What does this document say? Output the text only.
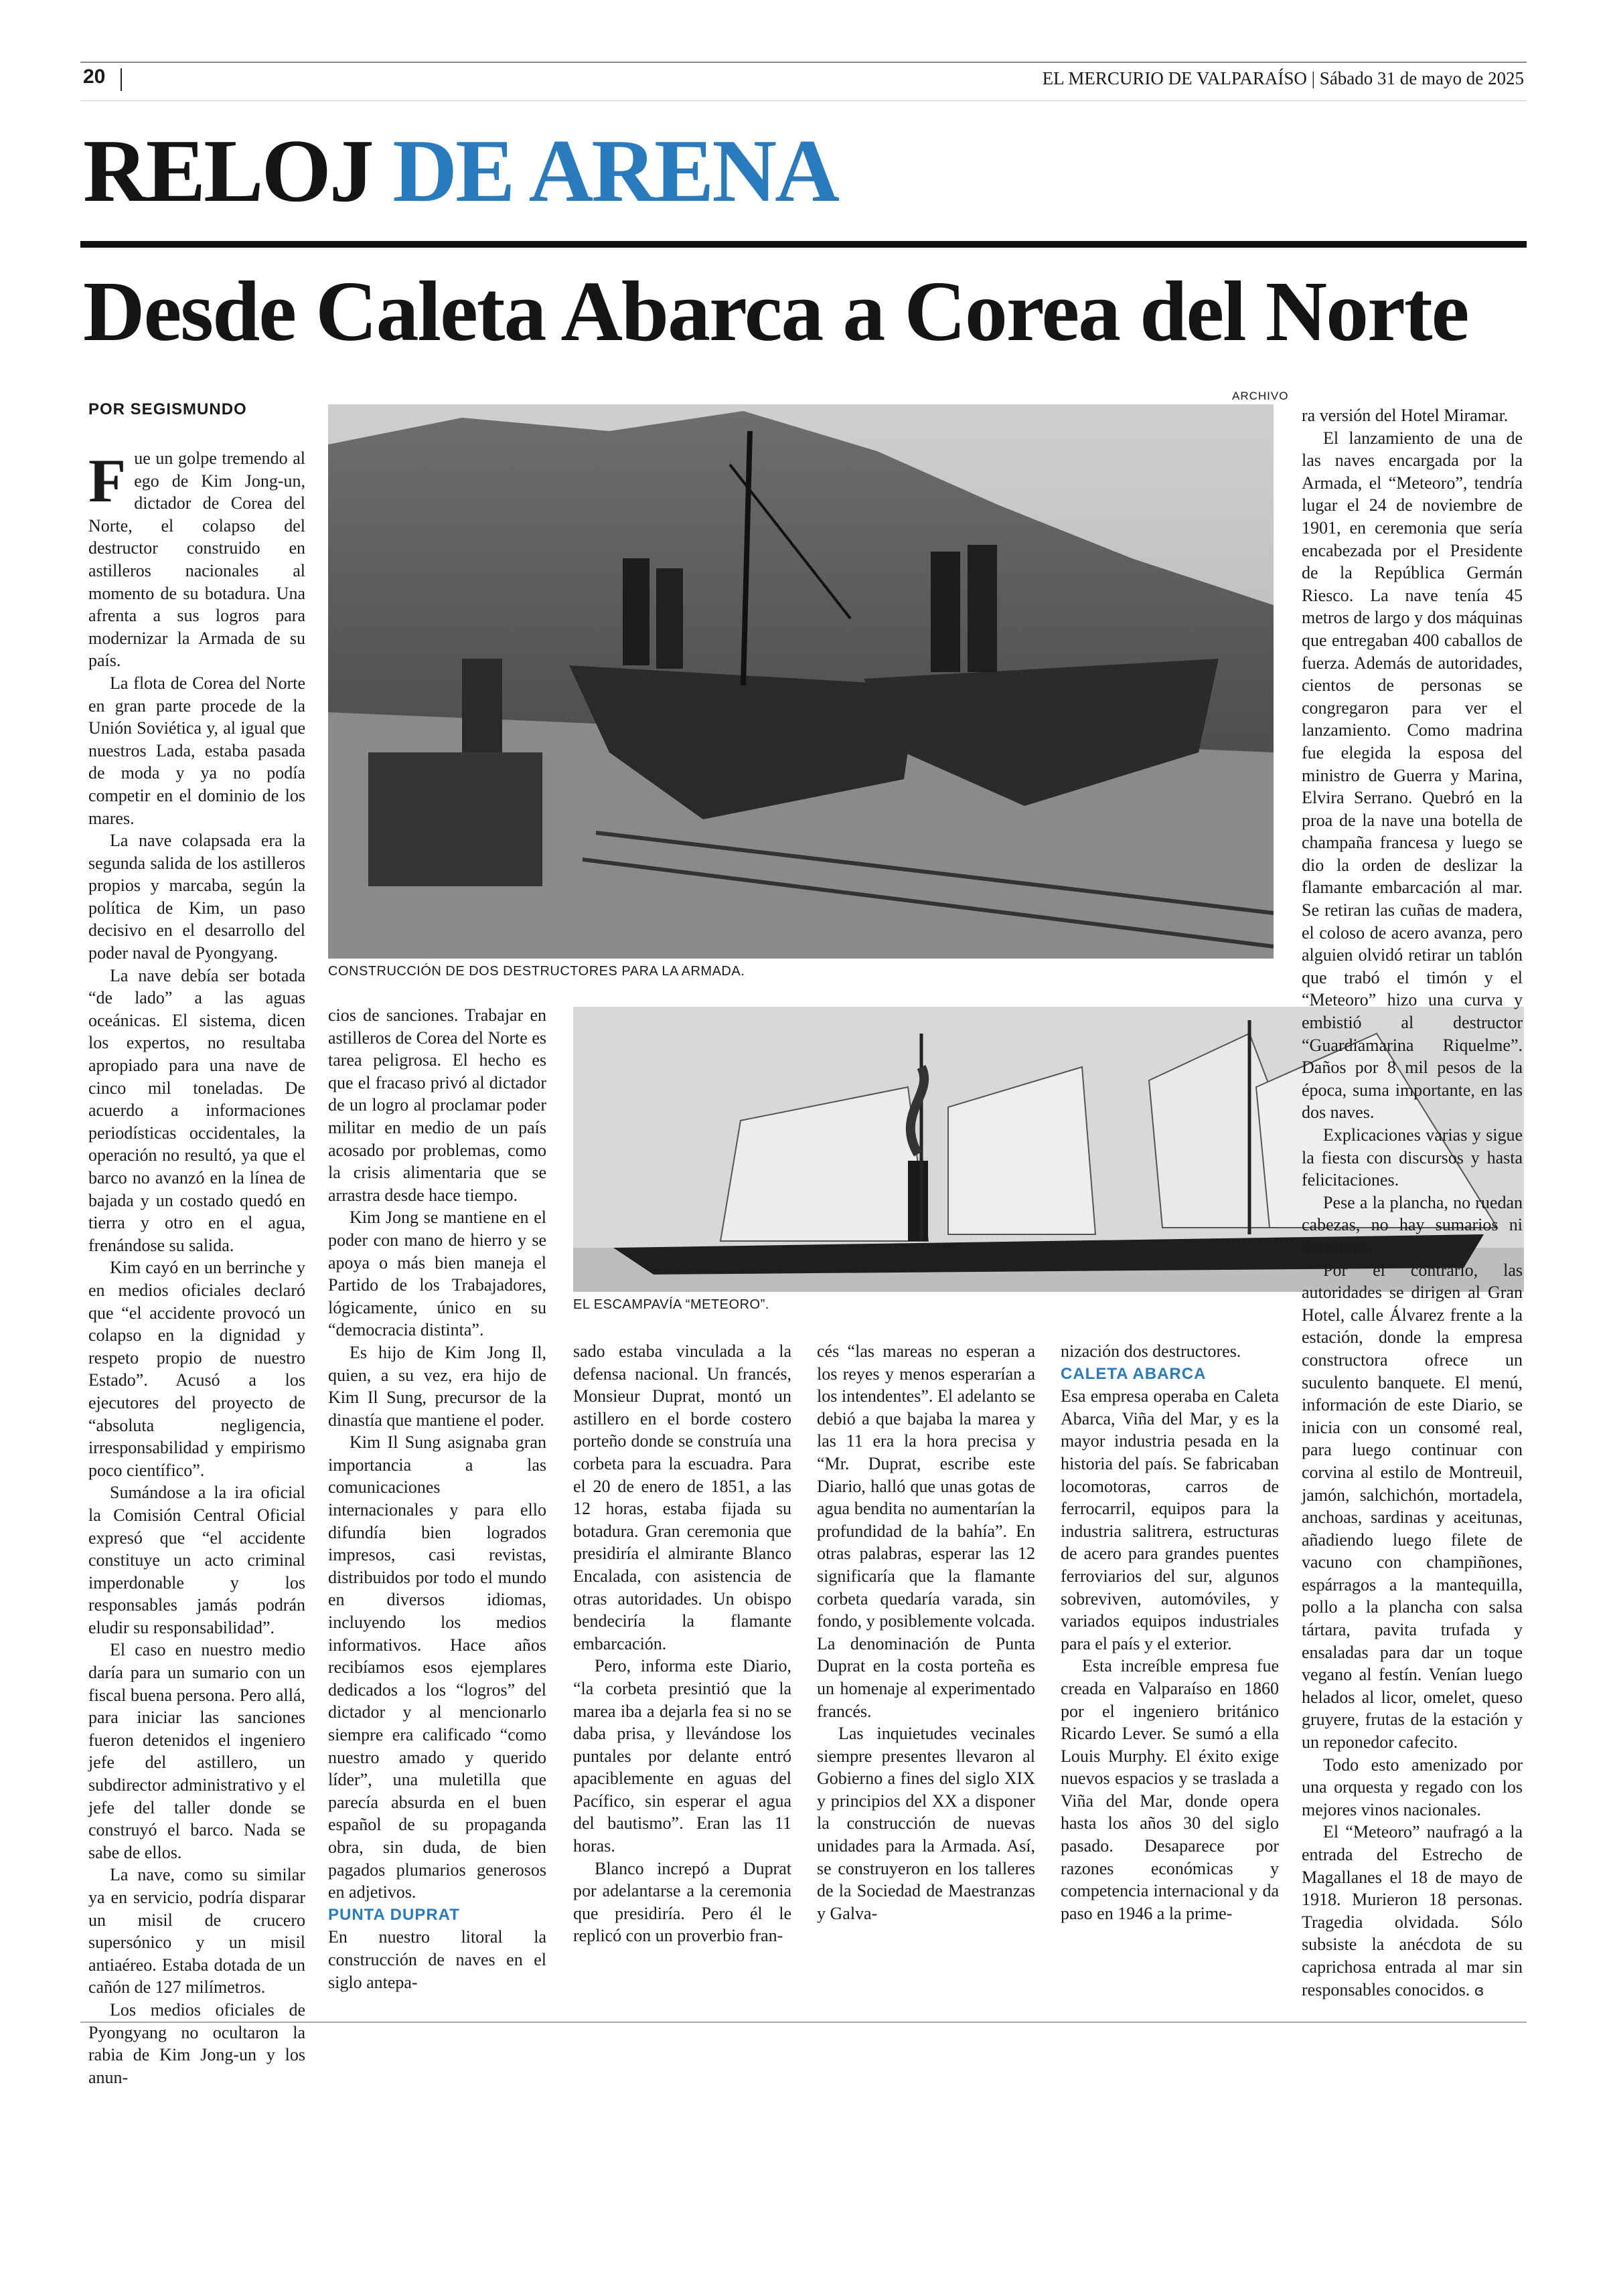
20	EL MERCURIO DE VALPARAÍSO | Sábado 31 de mayo de 2025
RELOJ DE ARENA
Desde Caleta Abarca a Corea del Norte
POR SEGISMUNDO
ARCHIVO
CONSTRUCCIÓN DE DOS DESTRUCTORES PARA LA ARMADA.
EL ESCAMPAVÍA “METEORO”.

Fue un golpe tremendo al ego de Kim Jong-un, dictador de Corea del Norte, el colapso del destructor construido en astilleros nacionales al momento de su botadura. Una afrenta a sus logros para modernizar la Armada de su país.

La flota de Corea del Norte en gran parte procede de la Unión Soviética y, al igual que nuestros Lada, estaba pasada de moda y ya no podía competir en el dominio de los mares.

La nave colapsada era la segunda salida de los astilleros propios y marcaba, según la política de Kim, un paso decisivo en el desarrollo del poder naval de Pyongyang.

La nave debía ser botada “de lado” a las aguas oceánicas. El sistema, dicen los expertos, no resultaba apropiado para una nave de cinco mil toneladas. De acuerdo a informaciones periodísticas occidentales, la operación no resultó, ya que el barco no avanzó en la línea de bajada y un costado quedó en tierra y otro en el agua, frenándose su salida.

Kim cayó en un berrinche y en medios oficiales declaró que “el accidente provocó un colapso en la dignidad y respeto propio de nuestro Estado”. Acusó a los ejecutores del proyecto de “absoluta negligencia, irresponsabilidad y empirismo poco científico”.

Sumándose a la ira oficial la Comisión Central Oficial expresó que “el accidente constituye un acto criminal imperdonable y los responsables jamás podrán eludir su responsabilidad”.

El caso en nuestro medio daría para un sumario con un fiscal buena persona. Pero allá, para iniciar las sanciones fueron detenidos el ingeniero jefe del astillero, un subdirector administrativo y el jefe del taller donde se construyó el barco. Nada se sabe de ellos.

La nave, como su similar ya en servicio, podría disparar un misil de crucero supersónico y un misil antiaéreo. Estaba dotada de un cañón de 127 milímetros.

Los medios oficiales de Pyongyang no ocultaron la rabia de Kim Jong-un y los anun-

cios de sanciones. Trabajar en astilleros de Corea del Norte es tarea peligrosa. El hecho es que el fracaso privó al dictador de un logro al proclamar poder militar en medio de un país acosado por problemas, como la crisis alimentaria que se arrastra desde hace tiempo.

Kim Jong se mantiene en el poder con mano de hierro y se apoya o más bien maneja el Partido de los Trabajadores, lógicamente, único en su “democracia distinta”.

Es hijo de Kim Jong Il, quien, a su vez, era hijo de Kim Il Sung, precursor de la dinastía que mantiene el poder.

Kim Il Sung asignaba gran importancia a las comunicaciones internacionales y para ello difundía bien logrados impresos, casi revistas, distribuidos por todo el mundo en diversos idiomas, incluyendo los medios informativos. Hace años recibíamos esos ejemplares dedicados a los “logros” del dictador y al mencionarlo siempre era calificado “como nuestro amado y querido líder”, una muletilla que parecía absurda en el buen español de su propaganda obra, sin duda, de bien pagados plumarios generosos en adjetivos.

PUNTA DUPRAT

En nuestro litoral la construcción de naves en el siglo antepa-

sado estaba vinculada a la defensa nacional. Un francés, Monsieur Duprat, montó un astillero en el borde costero porteño donde se construía una corbeta para la escuadra. Para el 20 de enero de 1851, a las 12 horas, estaba fijada su botadura. Gran ceremonia que presidiría el almirante Blanco Encalada, con asistencia de otras autoridades. Un obispo bendeciría la flamante embarcación.

Pero, informa este Diario, “la corbeta presintió que la marea iba a dejarla fea si no se daba prisa, y llevándose los puntales por delante entró apaciblemente en aguas del Pacífico, sin esperar el agua del bautismo”. Eran las 11 horas.

Blanco increpó a Duprat por adelantarse a la ceremonia que presidiría. Pero él le replicó con un proverbio fran-

cés “las mareas no esperan a los reyes y menos esperarían a los intendentes”. El adelanto se debió a que bajaba la marea y las 11 era la hora precisa y “Mr. Duprat, escribe este Diario, halló que unas gotas de agua bendita no aumentarían la profundidad de la bahía”. En otras palabras, esperar las 12 significaría que la flamante corbeta quedaría varada, sin fondo, y posiblemente volcada. La denominación de Punta Duprat en la costa porteña es un homenaje al experimentado francés.

Las inquietudes vecinales siempre presentes llevaron al Gobierno a fines del siglo XIX y principios del XX a disponer la construcción de nuevas unidades para la Armada. Así, se construyeron en los talleres de la Sociedad de Maestranzas y Galva-

nización dos destructores.

CALETA ABARCA

Esa empresa operaba en Caleta Abarca, Viña del Mar, y es la mayor industria pesada en la historia del país. Se fabricaban locomotoras, carros de ferrocarril, equipos para la industria salitrera, estructuras de acero para grandes puentes ferroviarios del sur, algunos sobreviven, automóviles, y variados equipos industriales para el país y el exterior.

Esta increíble empresa fue creada en Valparaíso en 1860 por el ingeniero británico Ricardo Lever. Se sumó a ella Louis Murphy. El éxito exige nuevos espacios y se traslada a Viña del Mar, donde opera hasta los años 30 del siglo pasado. Desaparece por razones económicas y competencia internacional y da paso en 1946 a la prime-

ra versión del Hotel Miramar.

El lanzamiento de una de las naves encargada por la Armada, el “Meteoro”, tendría lugar el 24 de noviembre de 1901, en ceremonia que sería encabezada por el Presidente de la República Germán Riesco. La nave tenía 45 metros de largo y dos máquinas que entregaban 400 caballos de fuerza. Además de autoridades, cientos de personas se congregaron para ver el lanzamiento. Como madrina fue elegida la esposa del ministro de Guerra y Marina, Elvira Serrano. Quebró en la proa de la nave una botella de champaña francesa y luego se dio la orden de deslizar la flamante embarcación al mar. Se retiran las cuñas de madera, el coloso de acero avanza, pero alguien olvidó retirar un tablón que trabó el timón y el “Meteoro” hizo una curva y embistió al destructor “Guardiamarina Riquelme”. Daños por 8 mil pesos de la época, suma importante, en las dos naves.

Explicaciones varias y sigue la fiesta con discursos y hasta felicitaciones.

Pese a la plancha, no ruedan cabezas, no hay sumarios ni detenidos.

Por el contrario, las autoridades se dirigen al Gran Hotel, calle Álvarez frente a la estación, donde la empresa constructora ofrece un suculento banquete. El menú, información de este Diario, se inicia con un consomé real, para luego continuar con corvina al estilo de Montreuil, jamón, salchichón, mortadela, anchoas, sardinas y aceitunas, añadiendo luego filete de vacuno con champiñones, espárragos a la mantequilla, pollo a la plancha con salsa tártara, pavita trufada y ensaladas para dar un toque vegano al festín. Venían luego helados al licor, omelet, queso gruyere, frutas de la estación y un reponedor cafecito.

Todo esto amenizado por una orquesta y regado con los mejores vinos nacionales.

El “Meteoro” naufragó a la entrada del Estrecho de Magallanes el 18 de mayo de 1918. Murieron 18 personas. Tragedia olvidada. Sólo subsiste la anécdota de su caprichosa entrada al mar sin responsables conocidos. ɞ
